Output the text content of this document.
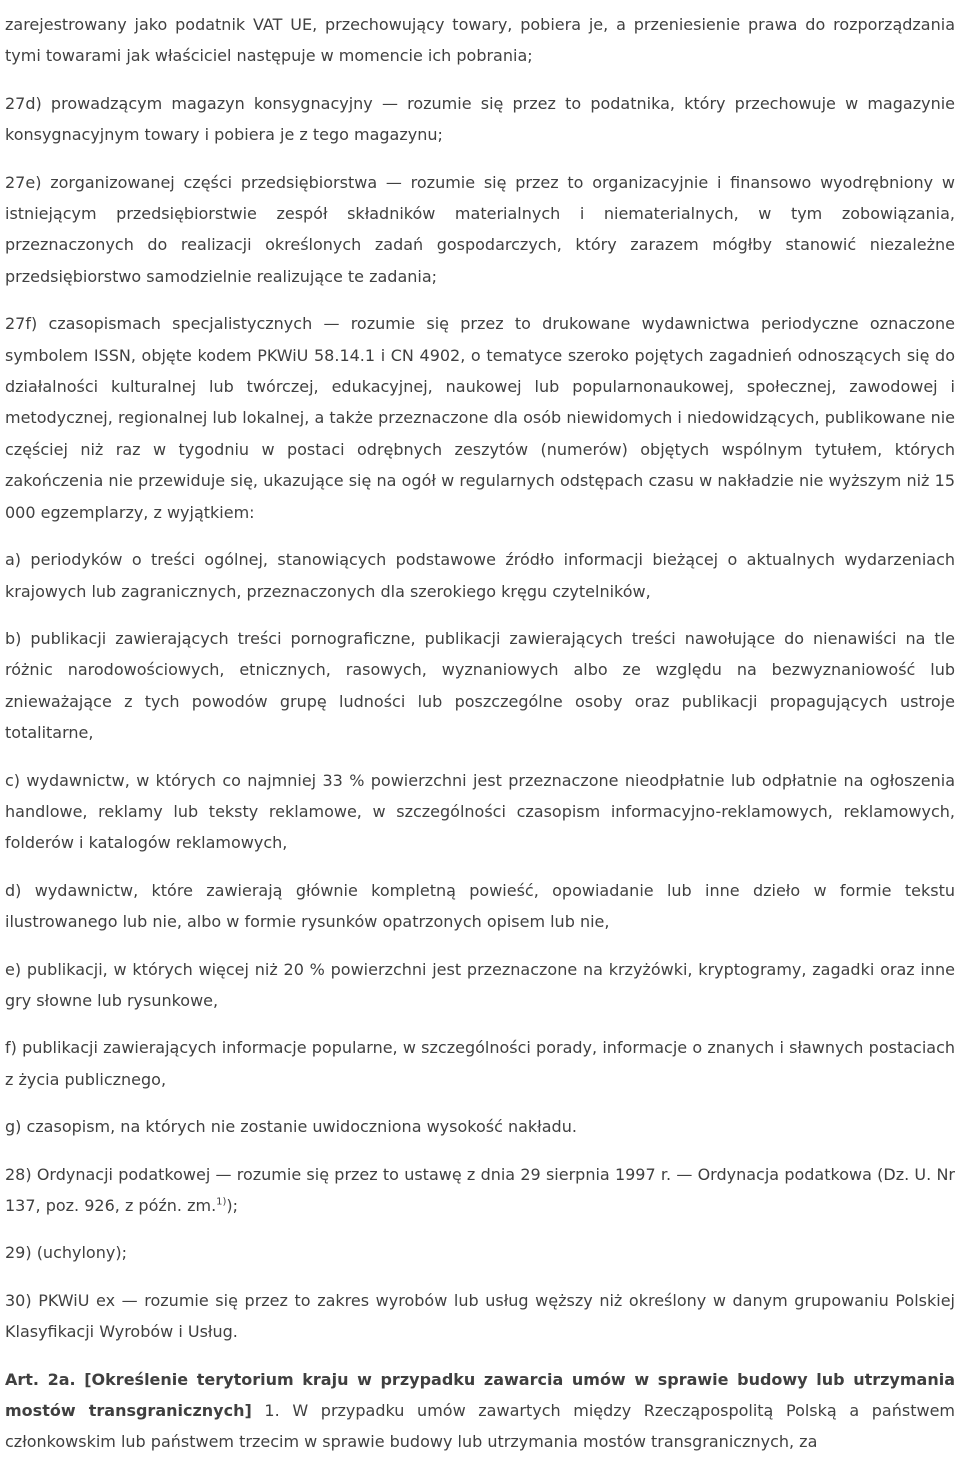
zarejestrowany jako podatnik VAT UE, przechowujący towary, pobiera je, a przeniesienie prawa do rozporządzania tymi towarami jak właściciel następuje w momencie ich pobrania;

27d) prowadzącym magazyn konsygnacyjny — rozumie się przez to podatnika, który przechowuje w magazynie konsygnacyjnym towary i pobiera je z tego magazynu;

27e) zorganizowanej części przedsiębiorstwa — rozumie się przez to organizacyjnie i finansowo wyodrębniony w istniejącym przedsiębiorstwie zespół składników materialnych i niematerialnych, w tym zobowiązania, przeznaczonych do realizacji określonych zadań gospodarczych, który zarazem mógłby stanowić niezależne przedsiębiorstwo samodzielnie realizujące te zadania;

27f) czasopismach specjalistycznych — rozumie się przez to drukowane wydawnictwa periodyczne oznaczone symbolem ISSN, objęte kodem PKWiU 58.14.1 i CN 4902, o tematyce szeroko pojętych zagadnień odnoszących się do działalności kulturalnej lub twórczej, edukacyjnej, naukowej lub popularnonaukowej, społecznej, zawodowej i metodycznej, regionalnej lub lokalnej, a także przeznaczone dla osób niewidomych i niedowidzących, publikowane nie częściej niż raz w tygodniu w postaci odrębnych zeszytów (numerów) objętych wspólnym tytułem, których zakończenia nie przewiduje się, ukazujące się na ogół w regularnych odstępach czasu w nakładzie nie wyższym niż 15 000 egzemplarzy, z wyjątkiem:

a) periodyków o treści ogólnej, stanowiących podstawowe źródło informacji bieżącej o aktualnych wydarzeniach krajowych lub zagranicznych, przeznaczonych dla szerokiego kręgu czytelników,

b) publikacji zawierających treści pornograficzne, publikacji zawierających treści nawołujące do nienawiści na tle różnic narodowościowych, etnicznych, rasowych, wyznaniowych albo ze względu na bezwyznaniowość lub znieważające z tych powodów grupę ludności lub poszczególne osoby oraz publikacji propagujących ustroje totalitarne,

c) wydawnictw, w których co najmniej 33 % powierzchni jest przeznaczone nieodpłatnie lub odpłatnie na ogłoszenia handlowe, reklamy lub teksty reklamowe, w szczególności czasopism informacyjno-reklamowych, reklamowych, folderów i katalogów reklamowych,

d) wydawnictw, które zawierają głównie kompletną powieść, opowiadanie lub inne dzieło w formie tekstu ilustrowanego lub nie, albo w formie rysunków opatrzonych opisem lub nie,

e) publikacji, w których więcej niż 20 % powierzchni jest przeznaczone na krzyżówki, kryptogramy, zagadki oraz inne gry słowne lub rysunkowe,

f) publikacji zawierających informacje popularne, w szczególności porady, informacje o znanych i sławnych postaciach z życia publicznego,

g) czasopism, na których nie zostanie uwidoczniona wysokość nakładu.

28) Ordynacji podatkowej — rozumie się przez to ustawę z dnia 29 sierpnia 1997 r. — Ordynacja podatkowa (Dz. U. Nr 137, poz. 926, z późn. zm.$^{1)}$);

29) (uchylony);

30) PKWiU ex — rozumie się przez to zakres wyrobów lub usług węższy niż określony w danym grupowaniu Polskiej Klasyfikacji Wyrobów i Usług.

Art. 2a. [Określenie terytorium kraju w przypadku zawarcia umów w sprawie budowy lub utrzymania mostów transgranicznych] 1. W przypadku umów zawartych między Rzecząpospolitą Polską a państwem członkowskim lub państwem trzecim w sprawie budowy lub utrzymania mostów transgranicznych, za
